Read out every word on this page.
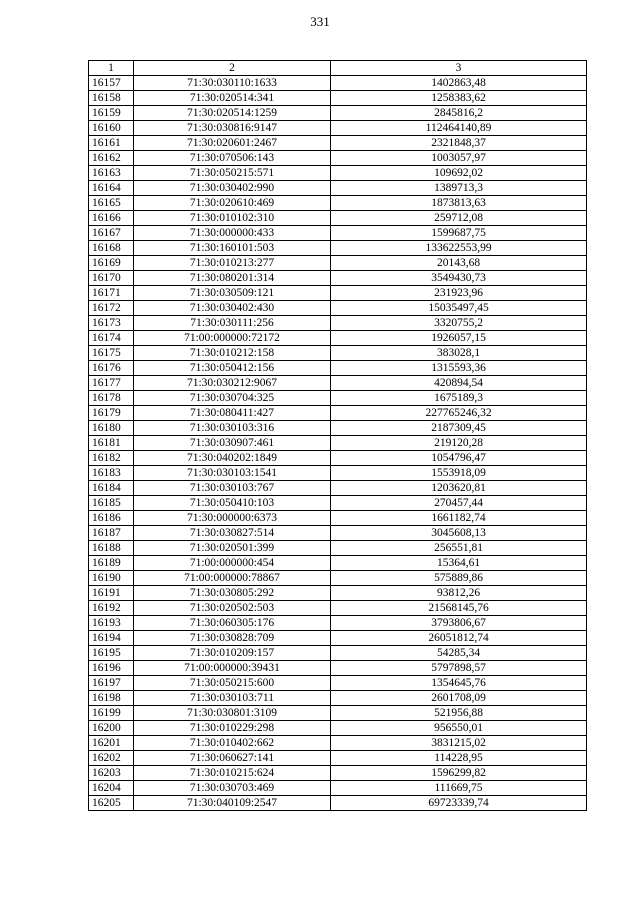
331
1	2	3
16157	71:30:030110:1633	1402863,48
16158	71:30:020514:341	1258383,62
16159	71:30:020514:1259	2845816,2
16160	71:30:030816:9147	112464140,89
16161	71:30:020601:2467	2321848,37
16162	71:30:070506:143	1003057,97
16163	71:30:050215:571	109692,02
16164	71:30:030402:990	1389713,3
16165	71:30:020610:469	1873813,63
16166	71:30:010102:310	259712,08
16167	71:30:000000:433	1599687,75
16168	71:30:160101:503	133622553,99
16169	71:30:010213:277	20143,68
16170	71:30:080201:314	3549430,73
16171	71:30:030509:121	231923,96
16172	71:30:030402:430	15035497,45
16173	71:30:030111:256	3320755,2
16174	71:00:000000:72172	1926057,15
16175	71:30:010212:158	383028,1
16176	71:30:050412:156	1315593,36
16177	71:30:030212:9067	420894,54
16178	71:30:030704:325	1675189,3
16179	71:30:080411:427	227765246,32
16180	71:30:030103:316	2187309,45
16181	71:30:030907:461	219120,28
16182	71:30:040202:1849	1054796,47
16183	71:30:030103:1541	1553918,09
16184	71:30:030103:767	1203620,81
16185	71:30:050410:103	270457,44
16186	71:30:000000:6373	1661182,74
16187	71:30:030827:514	3045608,13
16188	71:30:020501:399	256551,81
16189	71:00:000000:454	15364,61
16190	71:00:000000:78867	575889,86
16191	71:30:030805:292	93812,26
16192	71:30:020502:503	21568145,76
16193	71:30:060305:176	3793806,67
16194	71:30:030828:709	26051812,74
16195	71:30:010209:157	54285,34
16196	71:00:000000:39431	5797898,57
16197	71:30:050215:600	1354645,76
16198	71:30:030103:711	2601708,09
16199	71:30:030801:3109	521956,88
16200	71:30:010229:298	956550,01
16201	71:30:010402:662	3831215,02
16202	71:30:060627:141	114228,95
16203	71:30:010215:624	1596299,82
16204	71:30:030703:469	111669,75
16205	71:30:040109:2547	69723339,74
